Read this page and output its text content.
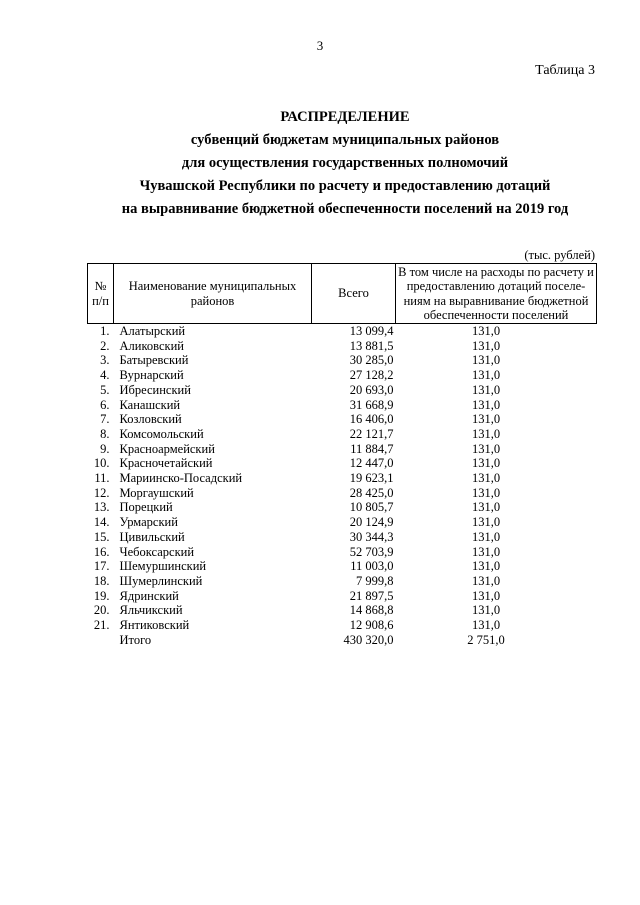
3
Таблица 3
РАСПРЕДЕЛЕНИЕ
субвенций бюджетам муниципальных районов
для осуществления государственных полномочий
Чувашской Республики по расчету и предоставлению дотаций
на выравнивание бюджетной обеспеченности поселений на 2019 год
(тыс. рублей)
№ п/п	Наименование муниципальных районов	Всего	В том числе на расходы по расчету и предоставлению дотаций поселе-ниям на выравнивание бюджетной обеспеченности поселений
1.	Алатырский	13 099,4	131,0
2.	Аликовский	13 881,5	131,0
3.	Батыревский	30 285,0	131,0
4.	Вурнарский	27 128,2	131,0
5.	Ибресинский	20 693,0	131,0
6.	Канашский	31 668,9	131,0
7.	Козловский	16 406,0	131,0
8.	Комсомольский	22 121,7	131,0
9.	Красноармейский	11 884,7	131,0
10.	Красночетайский	12 447,0	131,0
11.	Мариинско-Посадский	19 623,1	131,0
12.	Моргаушский	28 425,0	131,0
13.	Порецкий	10 805,7	131,0
14.	Урмарский	20 124,9	131,0
15.	Цивильский	30 344,3	131,0
16.	Чебоксарский	52 703,9	131,0
17.	Шемуршинский	11 003,0	131,0
18.	Шумерлинский	7 999,8	131,0
19.	Ядринский	21 897,5	131,0
20.	Яльчикский	14 868,8	131,0
21.	Янтиковский	12 908,6	131,0
	Итого	430 320,0	2 751,0
